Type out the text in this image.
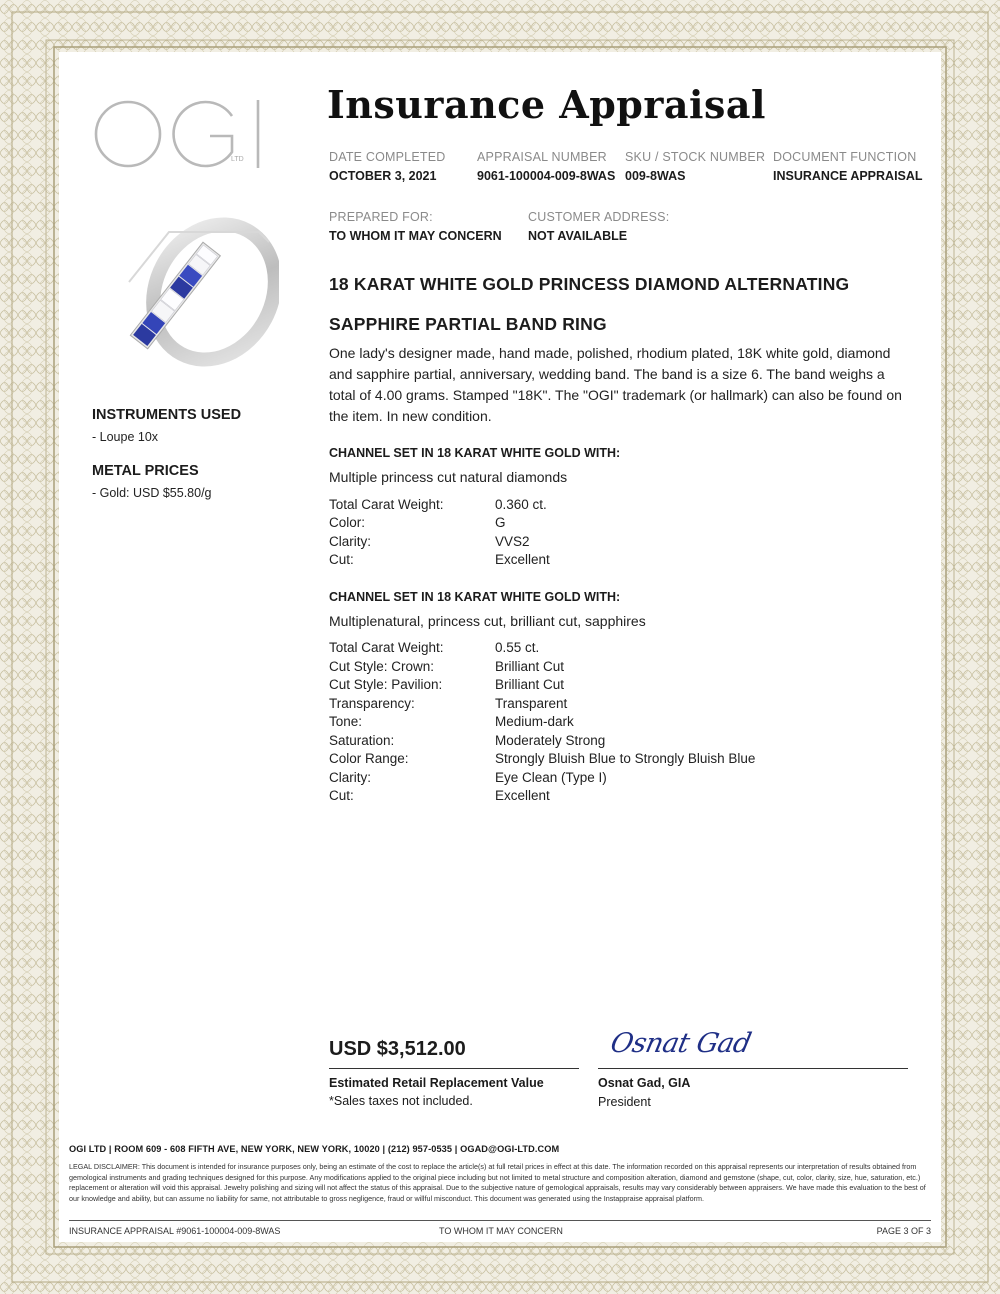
LTD
Insurance Appraisal
DATE COMPLETED
OCTOBER 3, 2021
APPRAISAL NUMBER
9061-100004-009-8WAS
SKU / STOCK NUMBER
009-8WAS
DOCUMENT FUNCTION
INSURANCE APPRAISAL
PREPARED FOR:
TO WHOM IT MAY CONCERN
CUSTOMER ADDRESS:
NOT AVAILABLE
INSTRUMENTS USED
- Loupe 10x
METAL PRICES
- Gold: USD $55.80/g
18 KARAT WHITE GOLD PRINCESS DIAMOND ALTERNATING
SAPPHIRE PARTIAL BAND RING
One lady's designer made, hand made, polished, rhodium plated, 18K white gold, diamond and sapphire partial, anniversary, wedding band. The band is a size 6. The band weighs a total of 4.00 grams. Stamped "18K". The "OGI" trademark (or hallmark) can also be found on the item. In new condition.
CHANNEL SET IN 18 KARAT WHITE GOLD WITH:
Multiple princess cut natural diamonds
Total Carat Weight:	0.360 ct.
Color:	G
Clarity:	VVS2
Cut:	Excellent
CHANNEL SET IN 18 KARAT WHITE GOLD WITH:
Multiplenatural, princess cut, brilliant cut, sapphires
Total Carat Weight:	0.55 ct.
Cut Style: Crown:	Brilliant Cut
Cut Style: Pavilion:	Brilliant Cut
Transparency:	Transparent
Tone:	Medium-dark
Saturation:	Moderately Strong
Color Range:	Strongly Bluish Blue to Strongly Bluish Blue
Clarity:	Eye Clean (Type I)
Cut:	Excellent
USD $3,512.00
Estimated Retail Replacement Value
*Sales taxes not included.
Osnat Gad
Osnat Gad, GIA
President
OGI LTD | ROOM 609 - 608 FIFTH AVE, NEW YORK, NEW YORK, 10020 | (212) 957-0535 | OGAD@OGI-LTD.COM
LEGAL DISCLAIMER: This document is intended for insurance purposes only, being an estimate of the cost to replace the article(s) at full retail prices in effect at this date. The information recorded on this appraisal represents our interpretation of results obtained from gemological instruments and grading techniques designed for this purpose. Any modifications applied to the original piece including but not limited to metal structure and composition alteration, diamond and gemstone (shape, cut, color, clarity, size, hue, saturation, etc.) replacement or alteration will void this appraisal. Jewelry polishing and sizing will not affect the status of this appraisal. Due to the subjective nature of gemological appraisals, results may vary considerably between appraisers. We have made this evaluation to the best of our knowledge and ability, but can assume no liability for same, not attributable to gross negligence, fraud or willful misconduct. This document was generated using the Instappraise appraisal platform.
INSURANCE APPRAISAL #9061-100004-009-8WAS	TO WHOM IT MAY CONCERN	PAGE 3 OF 3
